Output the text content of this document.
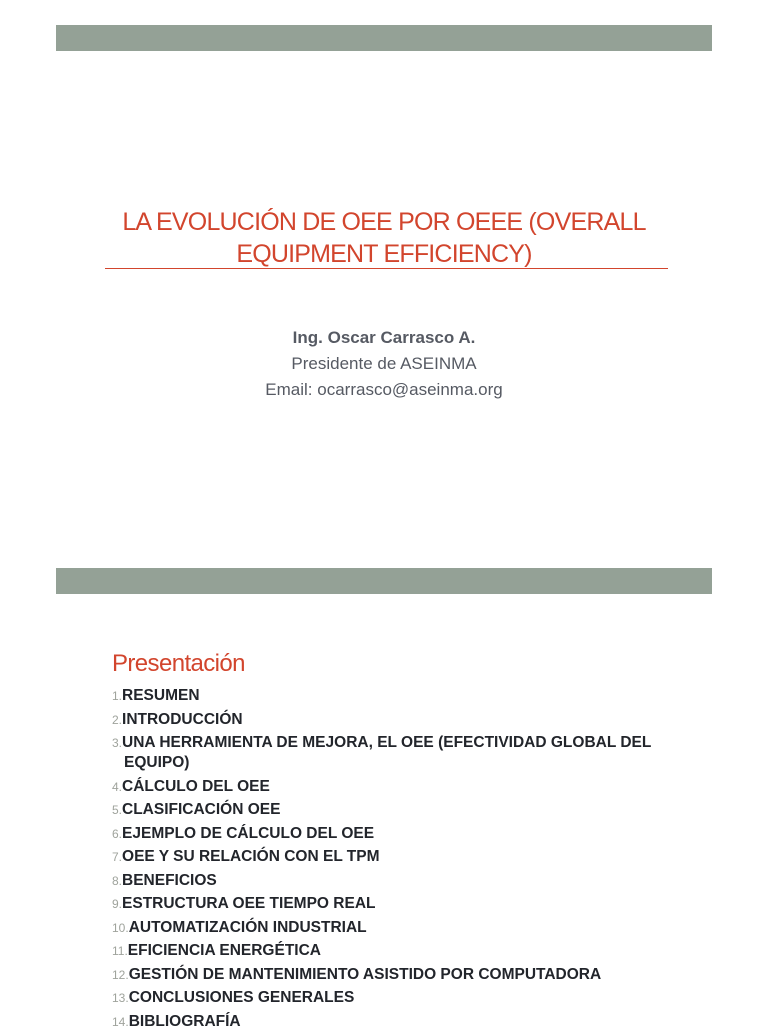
LA EVOLUCIÓN DE OEE POR OEEE (OVERALL EQUIPMENT EFFICIENCY)
Ing. Oscar Carrasco A.
Presidente de ASEINMA
Email: ocarrasco@aseinma.org
Presentación
1.RESUMEN
2.INTRODUCCIÓN
3.UNA HERRAMIENTA DE MEJORA, EL OEE (EFECTIVIDAD GLOBAL DEL EQUIPO)
4.CÁLCULO DEL OEE
5.CLASIFICACIÓN OEE
6.EJEMPLO DE CÁLCULO DEL OEE
7.OEE Y SU RELACIÓN CON EL TPM
8.BENEFICIOS
9.ESTRUCTURA OEE TIEMPO REAL
10.AUTOMATIZACIÓN INDUSTRIAL
11.EFICIENCIA ENERGÉTICA
12.GESTIÓN DE MANTENIMIENTO ASISTIDO POR COMPUTADORA
13.CONCLUSIONES GENERALES
14.BIBLIOGRAFÍA
